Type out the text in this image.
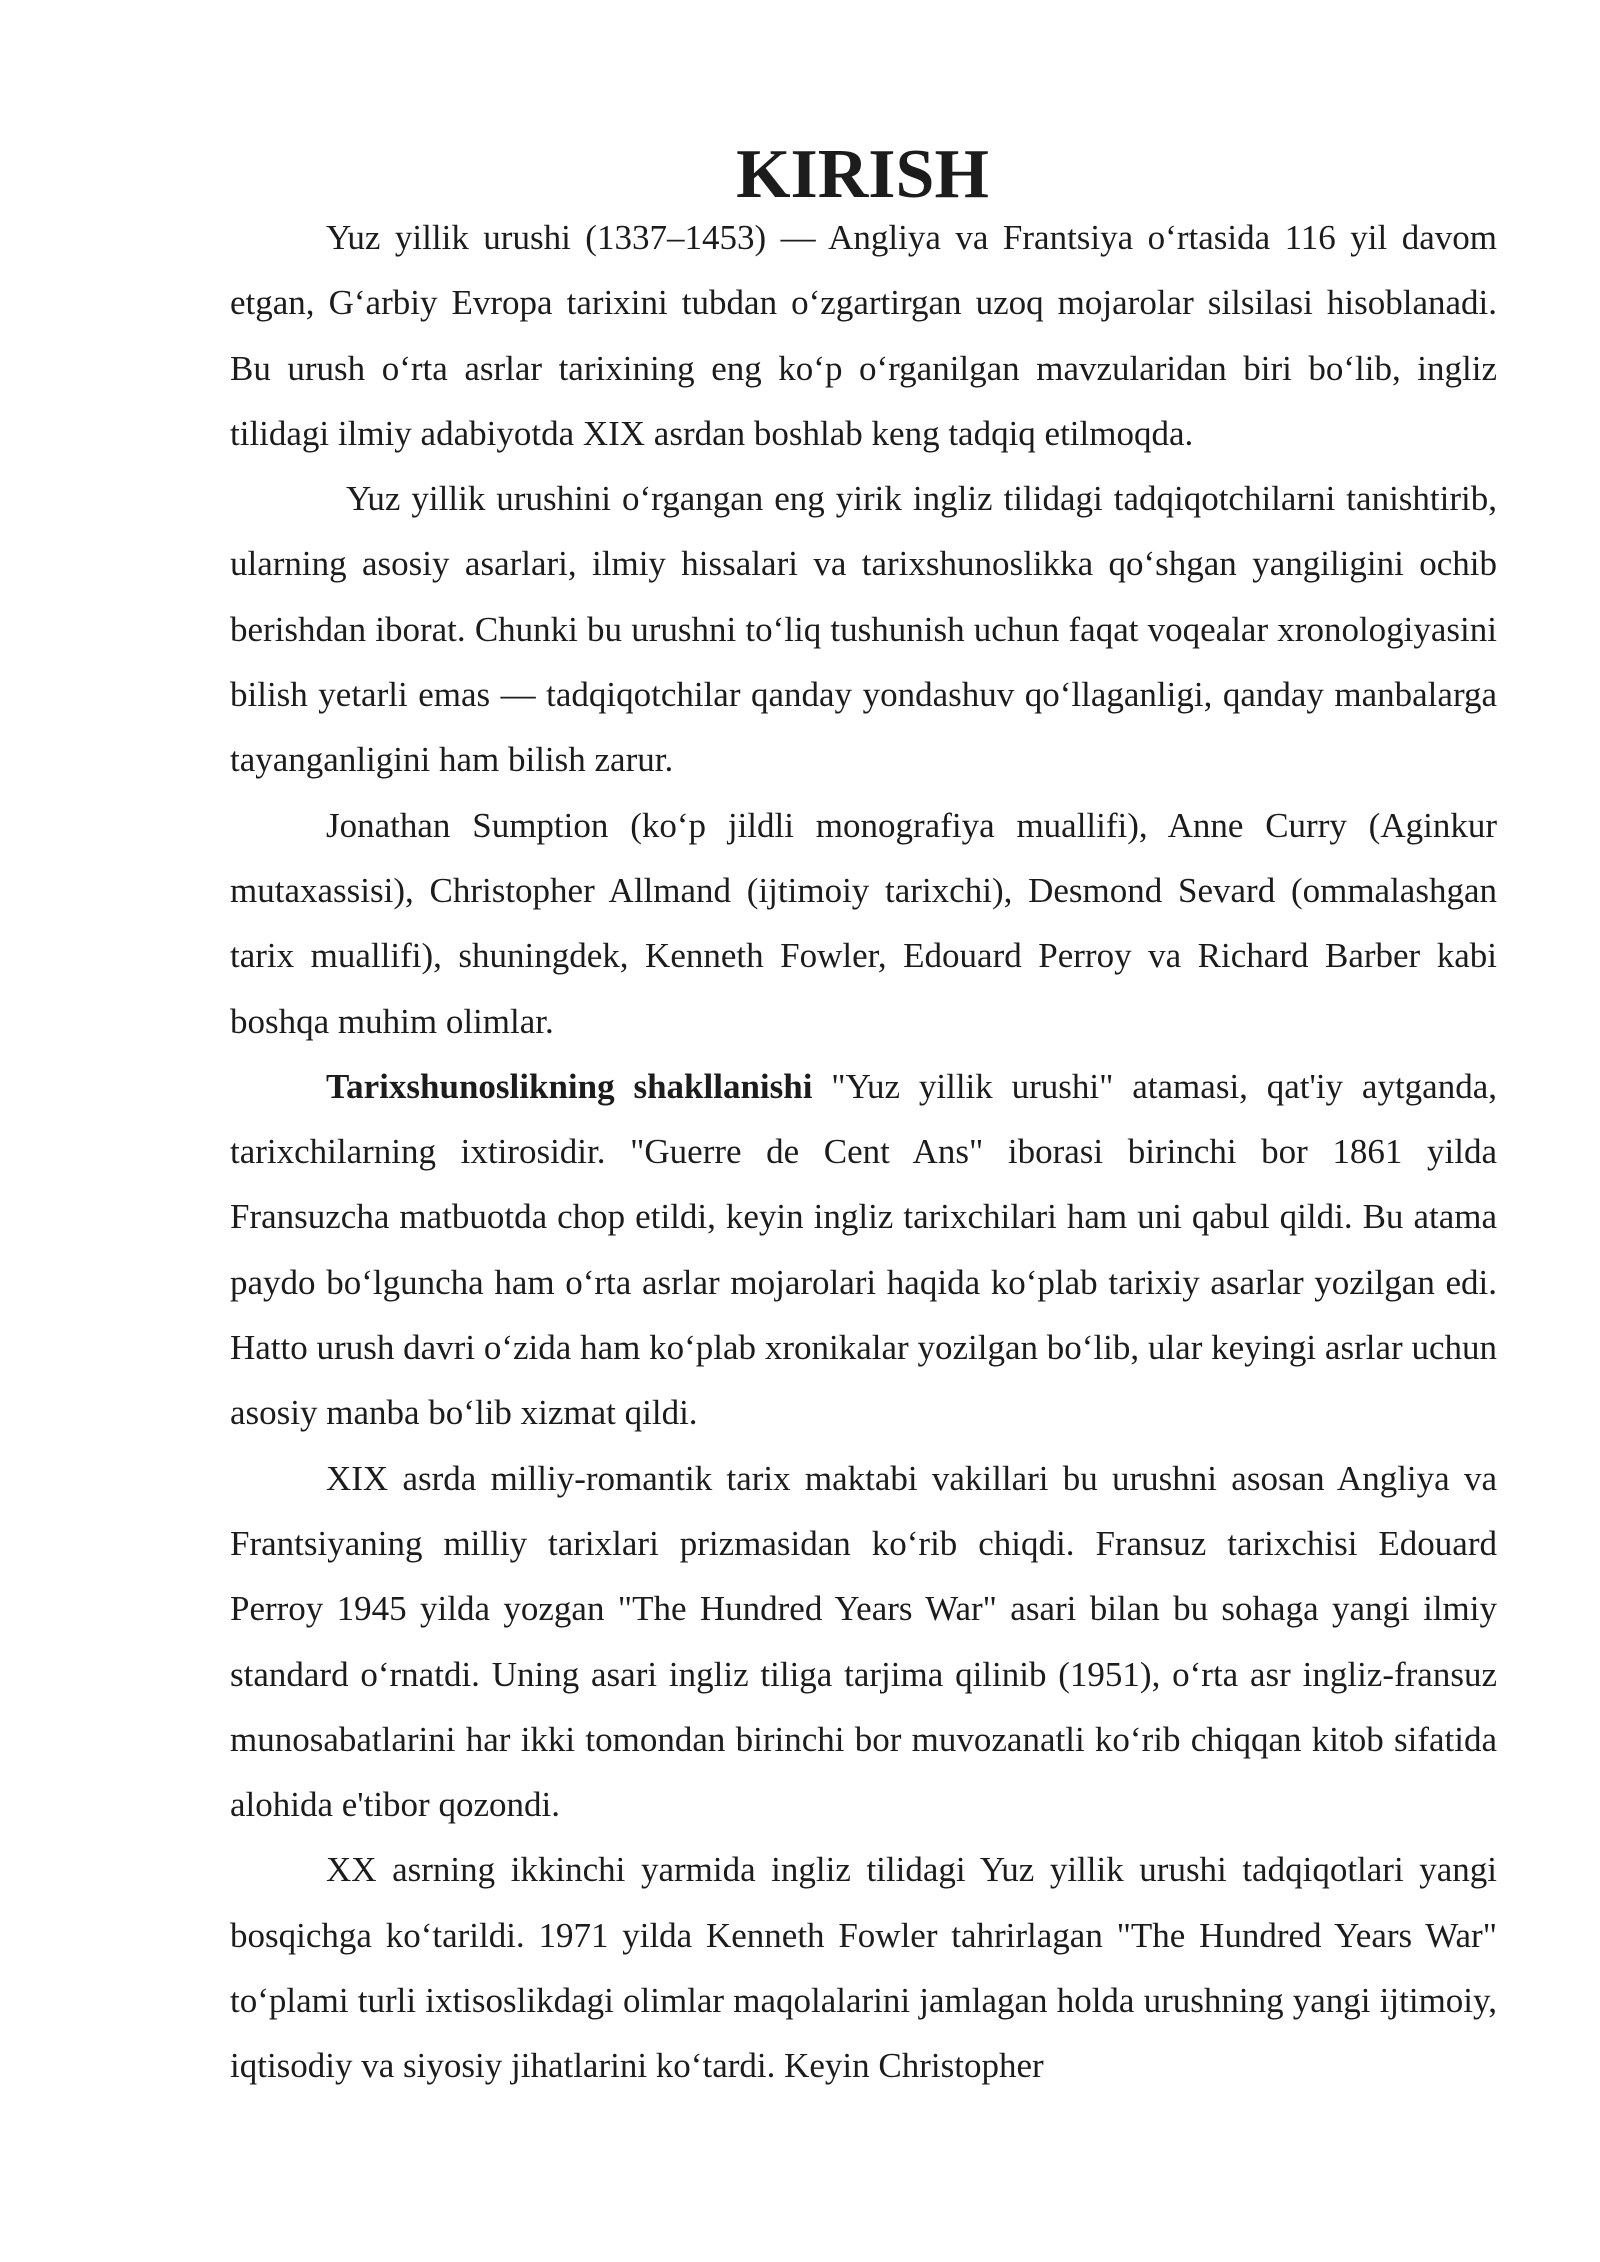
KIRISH

Yuz yillik urushi (1337–1453) — Angliya va Frantsiya oʻrtasida 116 yil davom etgan, Gʻarbiy Evropa tarixini tubdan oʻzgartirgan uzoq mojarolar silsilasi hisoblanadi. Bu urush oʻrta asrlar tarixining eng koʻp oʻrganilgan mavzularidan biri boʻlib, ingliz tilidagi ilmiy adabiyotda XIX asrdan boshlab keng tadqiq etilmoqda.

Yuz yillik urushini oʻrgangan eng yirik ingliz tilidagi tadqiqotchilarni tanishtirib, ularning asosiy asarlari, ilmiy hissalari va tarixshunoslikka qoʻshgan yangiligini ochib berishdan iborat. Chunki bu urushni toʻliq tushunish uchun faqat voqealar xronologiyasini bilish yetarli emas — tadqiqotchilar qanday yondashuv qoʻllaganligi, qanday manbalarga tayanganligini ham bilish zarur.

Jonathan Sumption (koʻp jildli monografiya muallifi), Anne Curry (Aginkur mutaxassisi), Christopher Allmand (ijtimoiy tarixchi), Desmond Sevard (ommalashgan tarix muallifi), shuningdek, Kenneth Fowler, Edouard Perroy va Richard Barber kabi boshqa muhim olimlar.

Tarixshunoslikning shakllanishi "Yuz yillik urushi" atamasi, qat'iy aytganda, tarixchilarning ixtirosidir. "Guerre de Cent Ans" iborasi birinchi bor 1861 yilda Fransuzcha matbuotda chop etildi, keyin ingliz tarixchilari ham uni qabul qildi. Bu atama paydo boʻlguncha ham oʻrta asrlar mojarolari haqida koʻplab tarixiy asarlar yozilgan edi. Hatto urush davri oʻzida ham koʻplab xronikalar yozilgan boʻlib, ular keyingi asrlar uchun asosiy manba boʻlib xizmat qildi.

XIX asrda milliy-romantik tarix maktabi vakillari bu urushni asosan Angliya va Frantsiyaning milliy tarixlari prizmasidan koʻrib chiqdi. Fransuz tarixchisi Edouard Perroy 1945 yilda yozgan "The Hundred Years War" asari bilan bu sohaga yangi ilmiy standard oʻrnatdi. Uning asari ingliz tiliga tarjima qilinib (1951), oʻrta asr ingliz-fransuz munosabatlarini har ikki tomondan birinchi bor muvozanatli koʻrib chiqqan kitob sifatida alohida e'tibor qozondi.

XX asrning ikkinchi yarmida ingliz tilidagi Yuz yillik urushi tadqiqotlari yangi bosqichga koʻtarildi. 1971 yilda Kenneth Fowler tahrirlagan "The Hundred Years War" toʻplami turli ixtisoslikdagi olimlar maqolalarini jamlagan holda urushning yangi ijtimoiy, iqtisodiy va siyosiy jihatlarini koʻtardi. Keyin Christopher
